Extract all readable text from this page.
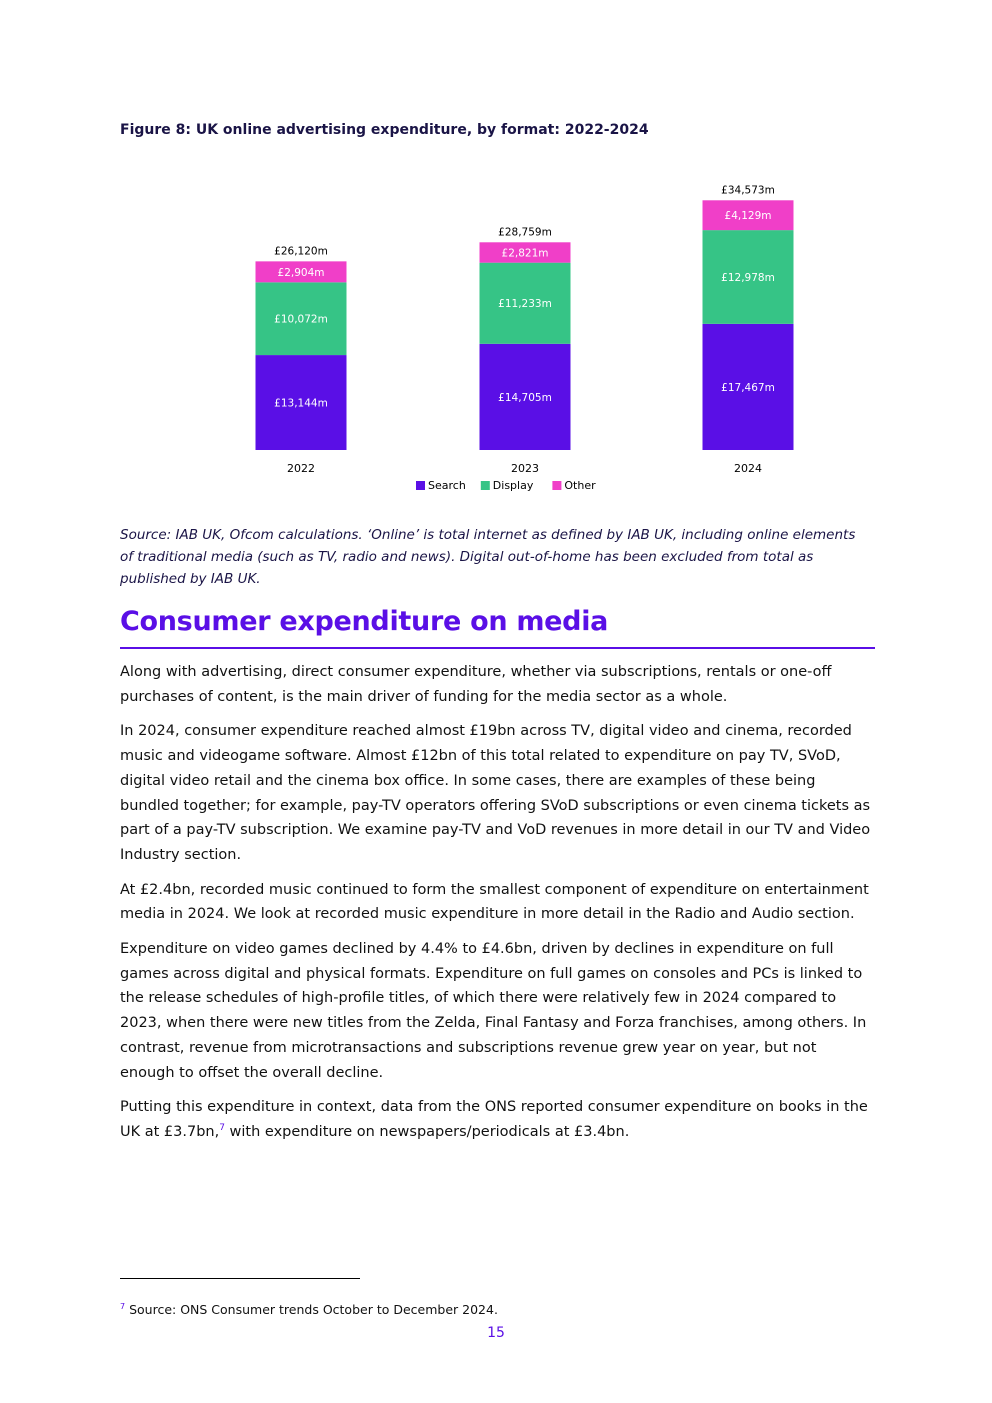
Figure 8: UK online advertising expenditure, by format: 2022-2024
£13,144m
£10,072m
£2,904m
£26,120m
2022
£14,705m
£11,233m
£2,821m
£28,759m
2023
£17,467m
£12,978m
£4,129m
£34,573m
2024
Search Display	Other

Source: IAB UK, Ofcom calculations. ‘Online’ is total internet as defined by IAB UK, including online elements of traditional media (such as TV, radio and news). Digital out-of-home has been excluded from total as published by IAB UK.

Consumer expenditure on media

Along with advertising, direct consumer expenditure, whether via subscriptions, rentals or one-off purchases of content, is the main driver of funding for the media sector as a whole.

In 2024, consumer expenditure reached almost £19bn across TV, digital video and cinema, recorded music and videogame software. Almost £12bn of this total related to expenditure on pay TV, SVoD, digital video retail and the cinema box office. In some cases, there are examples of these being bundled together; for example, pay-TV operators offering SVoD subscriptions or even cinema tickets as part of a pay-TV subscription. We examine pay-TV and VoD revenues in more detail in our TV and Video Industry section.

At £2.4bn, recorded music continued to form the smallest component of expenditure on entertainment media in 2024. We look at recorded music expenditure in more detail in the Radio and Audio section.

Expenditure on video games declined by 4.4% to £4.6bn, driven by declines in expenditure on full games across digital and physical formats. Expenditure on full games on consoles and PCs is linked to the release schedules of high-profile titles, of which there were relatively few in 2024 compared to 2023, when there were new titles from the Zelda, Final Fantasy and Forza franchises, among others. In contrast, revenue from microtransactions and subscriptions revenue grew year on year, but not enough to offset the overall decline.

Putting this expenditure in context, data from the ONS reported consumer expenditure on books in the UK at £3.7bn,$^7$ with expenditure on newspapers/periodicals at £3.4bn.

$^7$ Source: ONS Consumer trends October to December 2024.

15
